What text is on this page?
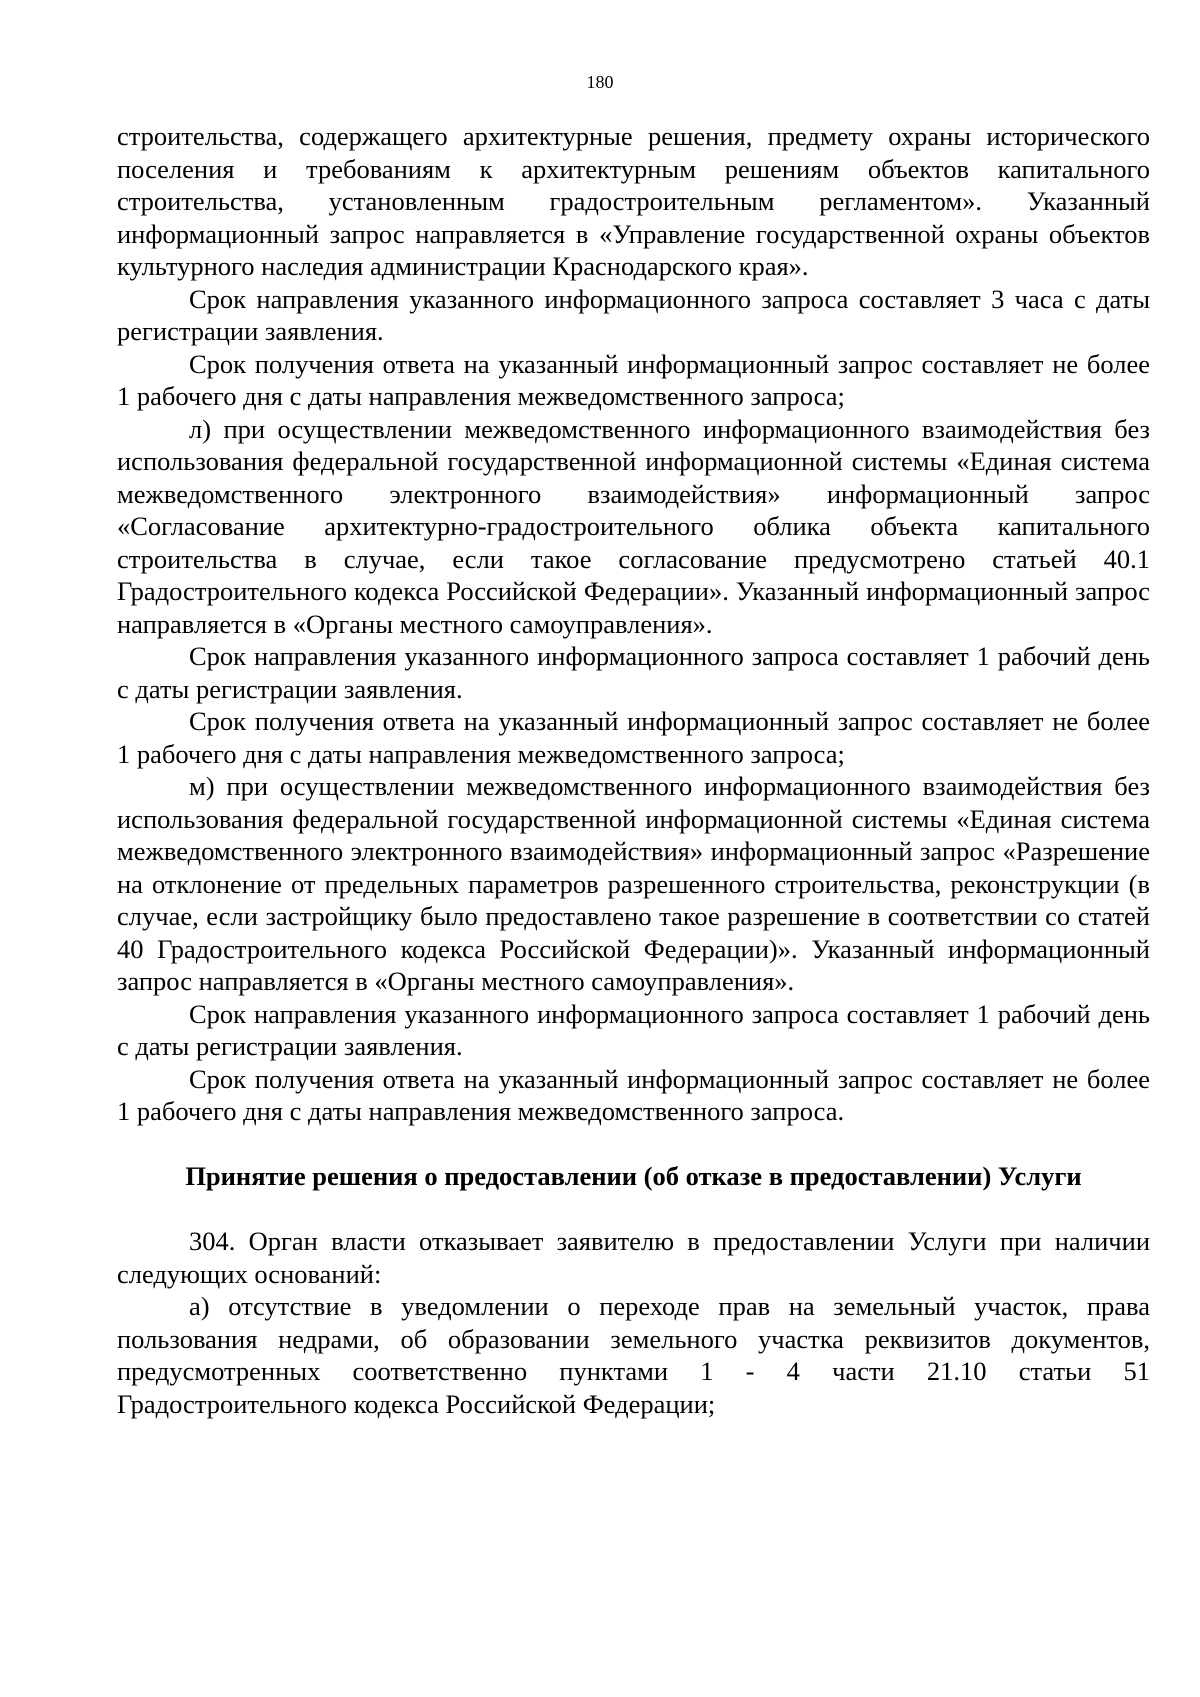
180

строительства, содержащего архитектурные решения, предмету охраны исторического поселения и требованиям к архитектурным решениям объектов капитального строительства, установленным градостроительным регламентом». Указанный информационный запрос направляется в «Управление государственной охраны объектов культурного наследия администрации Краснодарского края».

Срок направления указанного информационного запроса составляет 3 часа с даты регистрации заявления.

Срок получения ответа на указанный информационный запрос составляет не более 1 рабочего дня с даты направления межведомственного запроса;

л) при осуществлении межведомственного информационного взаимодействия без использования федеральной государственной информационной системы «Единая система межведомственного электронного взаимодействия» информационный запрос «Согласование архитектурно-градостроительного облика объекта капитального строительства в случае, если такое согласование предусмотрено статьей 40.1 Градостроительного кодекса Российской Федерации». Указанный информационный запрос направляется в «Органы местного самоуправления».

Срок направления указанного информационного запроса составляет 1 рабочий день с даты регистрации заявления.

Срок получения ответа на указанный информационный запрос составляет не более 1 рабочего дня с даты направления межведомственного запроса;

м) при осуществлении межведомственного информационного взаимодействия без использования федеральной государственной информационной системы «Единая система межведомственного электронного взаимодействия» информационный запрос «Разрешение на отклонение от предельных параметров разрешенного строительства, реконструкции (в случае, если застройщику было предоставлено такое разрешение в соответствии со статей 40 Градостроительного кодекса Российской Федерации)». Указанный информационный запрос направляется в «Органы местного самоуправления».

Срок направления указанного информационного запроса составляет 1 рабочий день с даты регистрации заявления.

Срок получения ответа на указанный информационный запрос составляет не более 1 рабочего дня с даты направления межведомственного запроса.

Принятие решения о предоставлении (об отказе в предоставлении) Услуги

304. Орган власти отказывает заявителю в предоставлении Услуги при наличии следующих оснований:

а) отсутствие в уведомлении о переходе прав на земельный участок, права пользования недрами, об образовании земельного участка реквизитов документов, предусмотренных соответственно пунктами 1 - 4 части 21.10 статьи 51 Градостроительного кодекса Российской Федерации;
